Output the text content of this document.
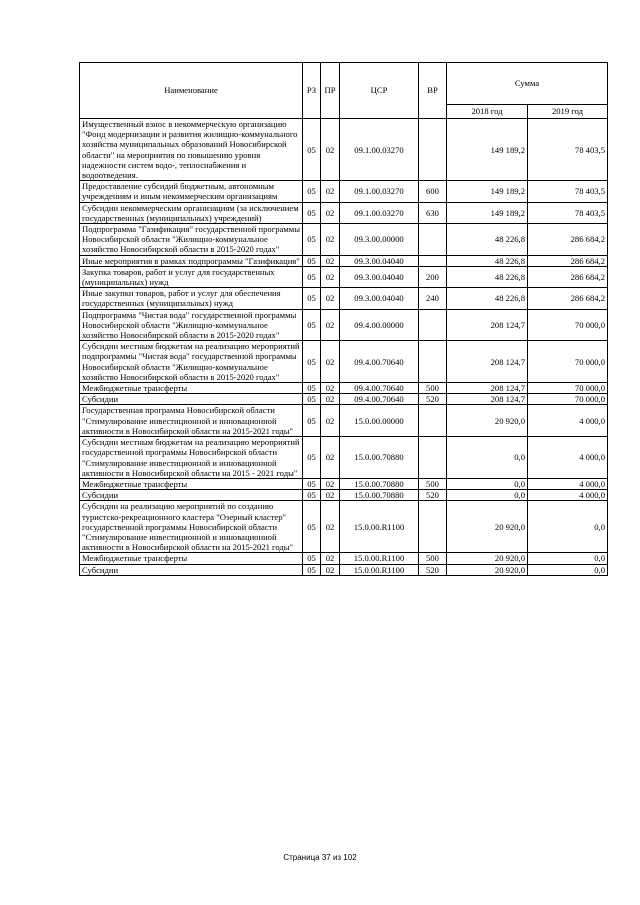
Наименование	РЗ	ПР	ЦСР	ВР	Сумма	
					2018 год	2019 год
Имущественный взнос в некоммерческую организацию "Фонд модернизации и развития жилищно-коммунального хозяйства муниципальных образований Новосибирской области" на мероприятия по повышению уровня надежности систем водо-, теплоснабжения и водоотведения.	05	02	09.1.00.03270		149 189,2	78 403,5
Предоставление субсидий бюджетным, автономным учреждениям и иным некоммерческим организациям	05	02	09.1.00.03270	600	149 189,2	78 403,5
Субсидии некоммерческим организациям (за исключением государственных (муниципальных) учреждений)	05	02	09.1.00.03270	630	149 189,2	78 403,5
Подпрограмма "Газификация" государственной программы Новосибирской области "Жилищно-коммунальное хозяйство Новосибирской области в 2015-2020 годах"	05	02	09.3.00.00000		48 226,8	286 684,2
Иные мероприятия в рамках подпрограммы "Газификация"	05	02	09.3.00.04040		48 226,8	286 684,2
Закупка товаров, работ и услуг для государственных (муниципальных) нужд	05	02	09.3.00.04040	200	48 226,8	286 684,2
Иные закупки товаров, работ и услуг для обеспечения государственных (муниципальных) нужд	05	02	09.3.00.04040	240	48 226,8	286 684,2
Подпрограмма "Чистая вода" государственной программы Новосибирской области "Жилищно-коммунальное хозяйство Новосибирской области в 2015-2020 годах"	05	02	09.4.00.00000		208 124,7	70 000,0
Субсидии местным бюджетам на реализацию мероприятий подпрограммы "Чистая вода" государственной программы Новосибирской области "Жилищно-коммунальное хозяйство Новосибирской области в 2015-2020 годах"	05	02	09.4.00.70640		208 124,7	70 000,0
Межбюджетные трансферты	05	02	09.4.00.70640	500	208 124,7	70 000,0
Субсидии	05	02	09.4.00.70640	520	208 124,7	70 000,0
Государственная программа Новосибирской области "Стимулирование инвестиционной и инновационной активности в Новосибирской области на 2015-2021 годы"	05	02	15.0.00.00000		20 920,0	4 000,0
Субсидии местным бюджетам на реализацию мероприятий государственной программы Новосибирской области "Стимулирование инвестиционной и инновационной активности в Новосибирской области на 2015 - 2021 годы"	05	02	15.0.00.70880		0,0	4 000,0
Межбюджетные трансферты	05	02	15.0.00.70880	500	0,0	4 000,0
Субсидии	05	02	15.0.00.70880	520	0,0	4 000,0
Субсидии на реализацию мероприятий по созданию туристско-рекреационного кластера "Озерный кластер" государственной программы Новосибирской области "Стимулирование инвестиционной и инновационной активности в Новосибирской области на 2015-2021 годы"	05	02	15.0.00.R1100		20 920,0	0,0
Межбюджетные трансферты	05	02	15.0.00.R1100	500	20 920,0	0,0
Субсидии	05	02	15.0.00.R1100	520	20 920,0	0,0
Страница 37 из 102
